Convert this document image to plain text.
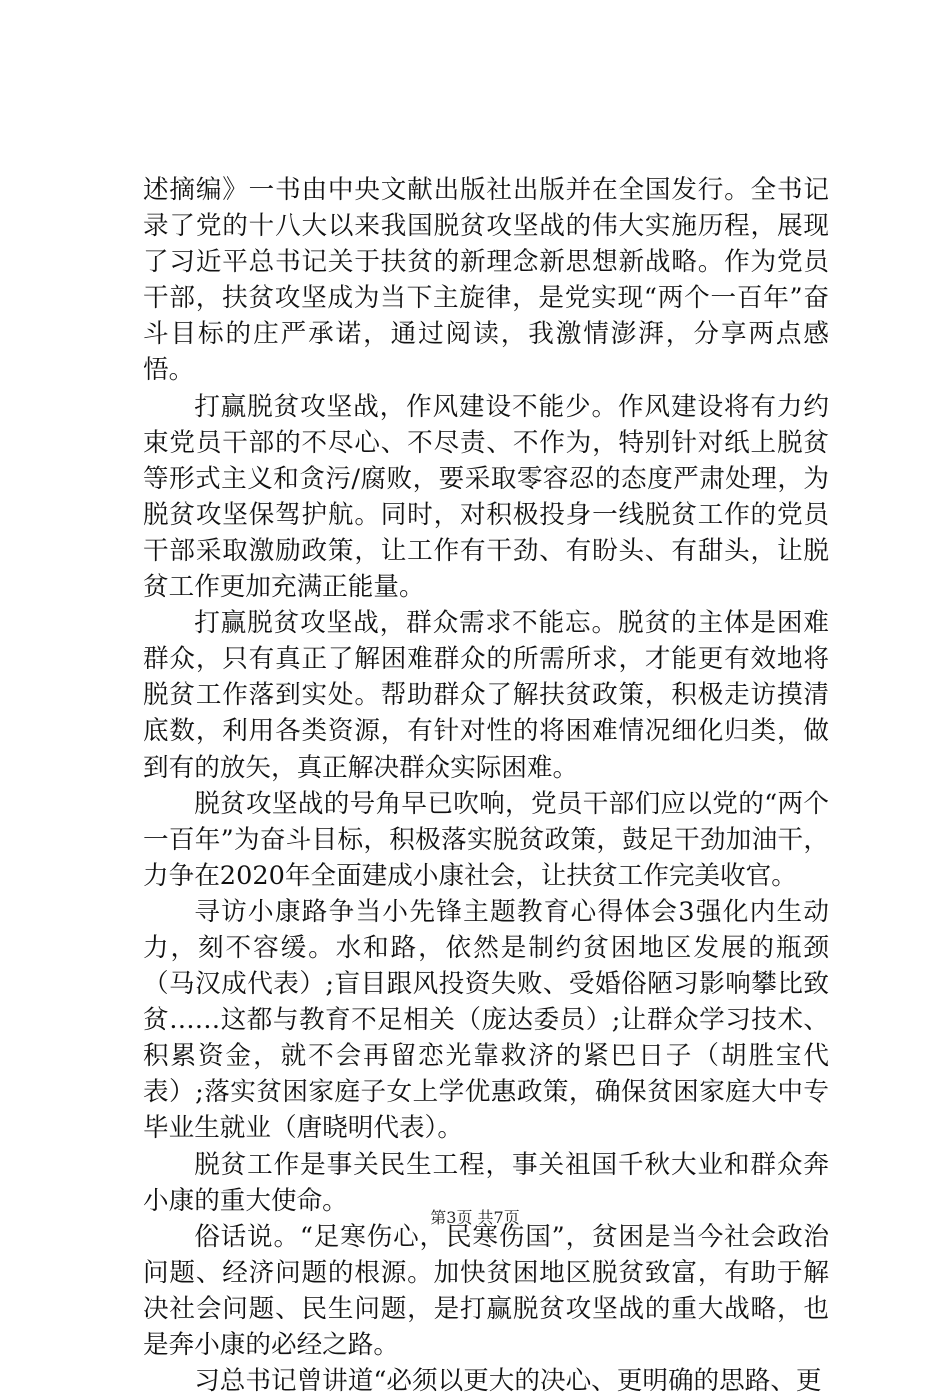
述摘编》一书由中央文献出版社出版并在全国发行。全书记录了党的十八大以来我国脱贫攻坚战的伟大实施历程，展现了习近平总书记关于扶贫的新理念新思想新战略。作为党员干部，扶贫攻坚成为当下主旋律，是党实现“两个一百年”奋斗目标的庄严承诺，通过阅读，我激情澎湃，分享两点感悟。

打赢脱贫攻坚战，作风建设不能少。作风建设将有力约束党员干部的不尽心、不尽责、不作为，特别针对纸上脱贫等形式主义和贪污/腐败，要采取零容忍的态度严肃处理，为脱贫攻坚保驾护航。同时，对积极投身一线脱贫工作的党员干部采取激励政策，让工作有干劲、有盼头、有甜头，让脱贫工作更加充满正能量。

打赢脱贫攻坚战，群众需求不能忘。脱贫的主体是困难群众，只有真正了解困难群众的所需所求，才能更有效地将脱贫工作落到实处。帮助群众了解扶贫政策，积极走访摸清底数，利用各类资源，有针对性的将困难情况细化归类，做到有的放矢，真正解决群众实际困难。

脱贫攻坚战的号角早已吹响，党员干部们应以党的“两个一百年”为奋斗目标，积极落实脱贫政策，鼓足干劲加油干，力争在2020年全面建成小康社会，让扶贫工作完美收官。

寻访小康路争当小先锋主题教育心得体会3强化内生动力，刻不容缓。水和路，依然是制约贫困地区发展的瓶颈（马汉成代表）;盲目跟风投资失败、受婚俗陋习影响攀比致贫……这都与教育不足相关（庞达委员）;让群众学习技术、积累资金，就不会再留恋光靠救济的紧巴日子（胡胜宝代表）;落实贫困家庭子女上学优惠政策，确保贫困家庭大中专毕业生就业（唐晓明代表）。

脱贫工作是事关民生工程，事关祖国千秋大业和群众奔小康的重大使命。

俗话说。“足寒伤心，民寒伤国”，贫困是当今社会政治问题、经济问题的根源。加快贫困地区脱贫致富，有助于解决社会问题、民生问题，是打赢脱贫攻坚战的重大战略，也是奔小康的必经之路。

习总书记曾讲道“必须以更大的决心、更明确的思路、更

第3页 共7页
